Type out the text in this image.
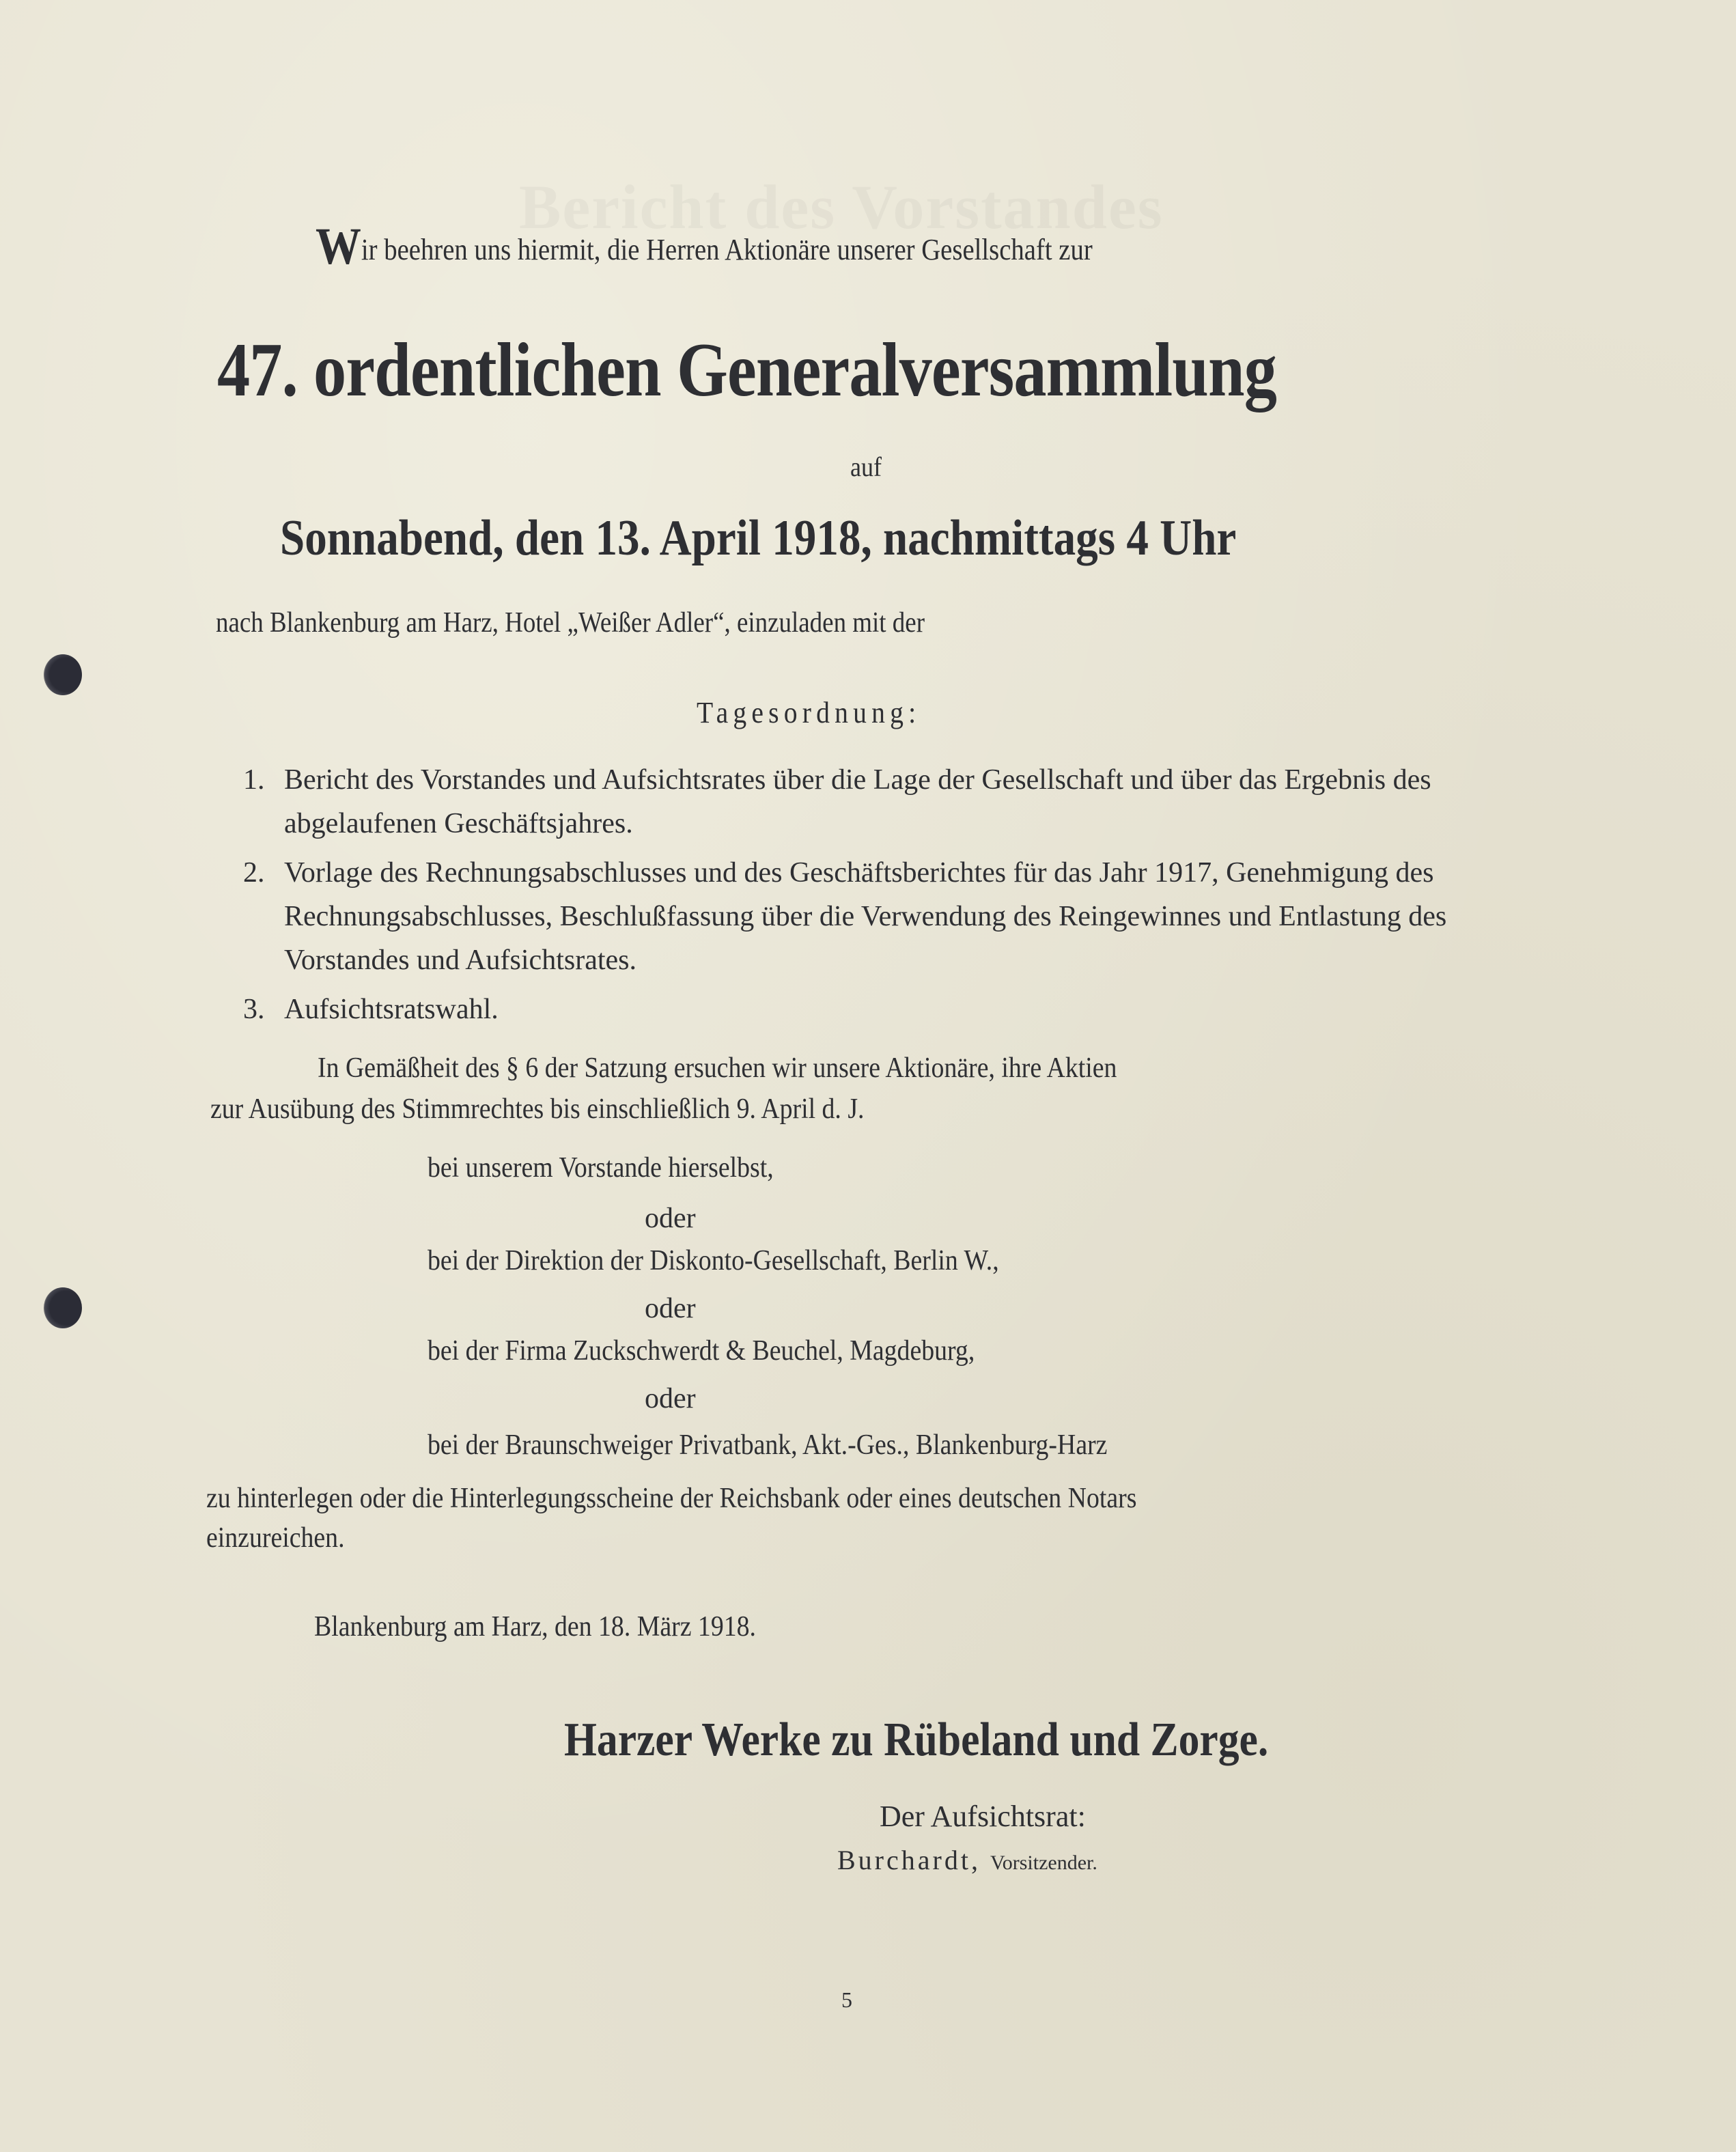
Bericht des Vorstandes
Wir beehren uns hiermit, die Herren Aktionäre unserer Gesellschaft zur
47. ordentlichen Generalversammlung
auf
Sonnabend, den 13. April 1918, nachmittags 4 Uhr
nach Blankenburg am Harz, Hotel „Weißer Adler“, einzuladen mit der
Tagesordnung:
1. Bericht des Vorstandes und Aufsichtsrates über die Lage der Gesellschaft und über das Ergebnis des abgelaufenen Geschäftsjahres.
2. Vorlage des Rechnungsabschlusses und des Geschäftsberichtes für das Jahr 1917, Genehmigung des Rechnungsabschlusses, Beschlußfassung über die Verwendung des Reingewinnes und Entlastung des Vorstandes und Aufsichtsrates.
3. Aufsichtsratswahl.
In Gemäßheit des § 6 der Satzung ersuchen wir unsere Aktionäre, ihre Aktien
zur Ausübung des Stimmrechtes bis einschließlich 9. April d. J.
bei unserem Vorstande hierselbst,
oder
bei der Direktion der Diskonto-Gesellschaft, Berlin W.,
oder
bei der Firma Zuckschwerdt & Beuchel, Magdeburg,
oder
bei der Braunschweiger Privatbank, Akt.-Ges., Blankenburg-Harz
zu hinterlegen oder die Hinterlegungsscheine der Reichsbank oder eines deutschen Notars
einzureichen.
Blankenburg am Harz, den 18. März 1918.
Harzer Werke zu Rübeland und Zorge.
Der Aufsichtsrat:
Burchardt, Vorsitzender.
5
